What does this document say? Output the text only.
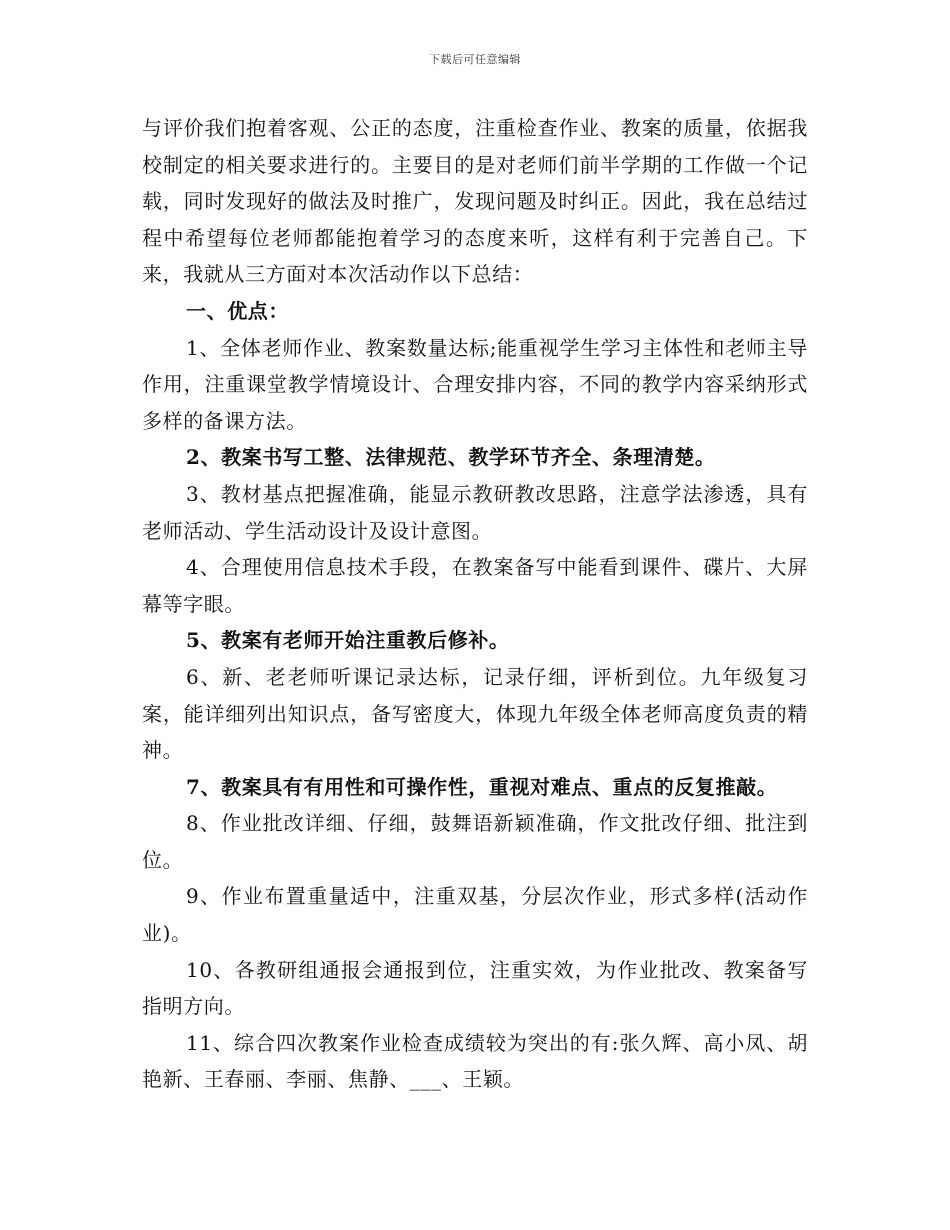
下载后可任意编辑

与评价我们抱着客观、公正的态度，注重检查作业、教案的质量，依据我校制定的相关要求进行的。主要目的是对老师们前半学期的工作做一个记载，同时发现好的做法及时推广，发现问题及时纠正。因此，我在总结过程中希望每位老师都能抱着学习的态度来听，这样有利于完善自己。下来，我就从三方面对本次活动作以下总结：

一、优点：

1、全体老师作业、教案数量达标;能重视学生学习主体性和老师主导作用，注重课堂教学情境设计、合理安排内容，不同的教学内容采纳形式多样的备课方法。

2、教案书写工整、法律规范、教学环节齐全、条理清楚。

3、教材基点把握准确，能显示教研教改思路，注意学法渗透，具有老师活动、学生活动设计及设计意图。

4、合理使用信息技术手段，在教案备写中能看到课件、碟片、大屏幕等字眼。

5、教案有老师开始注重教后修补。

6、新、老老师听课记录达标，记录仔细，评析到位。九年级复习案，能详细列出知识点，备写密度大，体现九年级全体老师高度负责的精神。

7、教案具有有用性和可操作性，重视对难点、重点的反复推敲。

8、作业批改详细、仔细，鼓舞语新颖准确，作文批改仔细、批注到位。

9、作业布置重量适中，注重双基，分层次作业，形式多样(活动作业)。

10、各教研组通报会通报到位，注重实效，为作业批改、教案备写指明方向。

11、综合四次教案作业检查成绩较为突出的有:张久辉、高小凤、胡艳新、王春丽、李丽、焦静、___、王颖。
